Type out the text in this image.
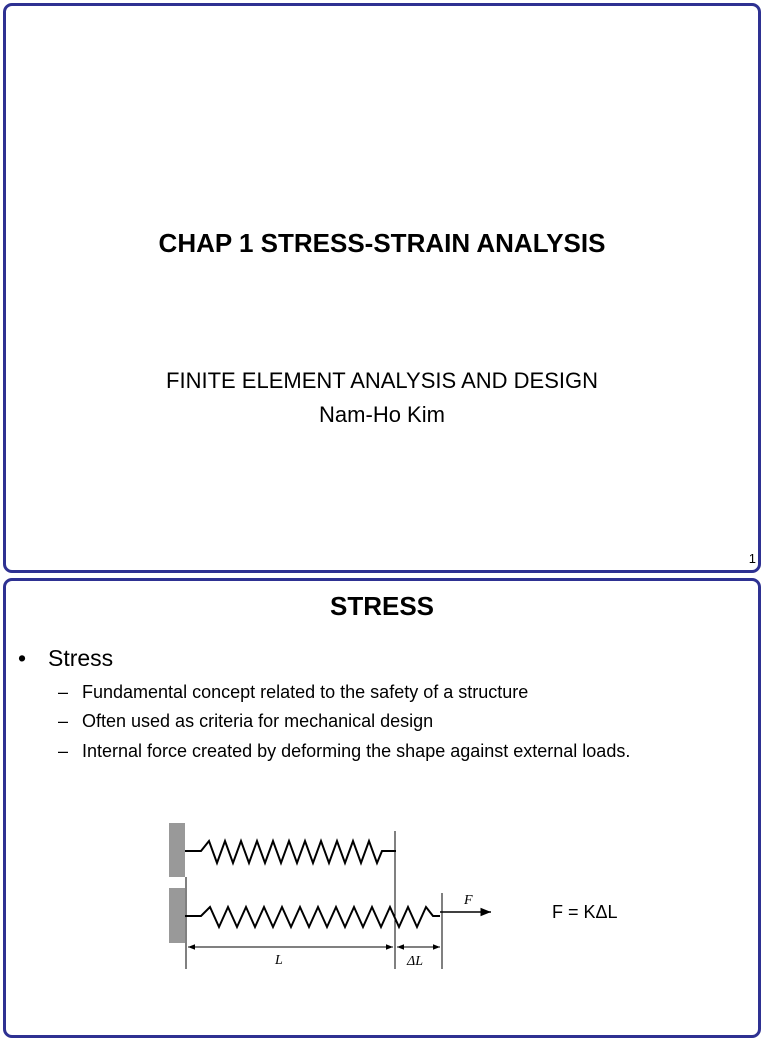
CHAP 1 STRESS-STRAIN ANALYSIS
FINITE ELEMENT ANALYSIS AND DESIGN
Nam-Ho Kim
1
STRESS
• Stress
– Fundamental concept related to the safety of a structure
– Often used as criteria for mechanical design
– Internal force created by deforming the shape against external loads.
F
L	ΔL
F = KΔL
